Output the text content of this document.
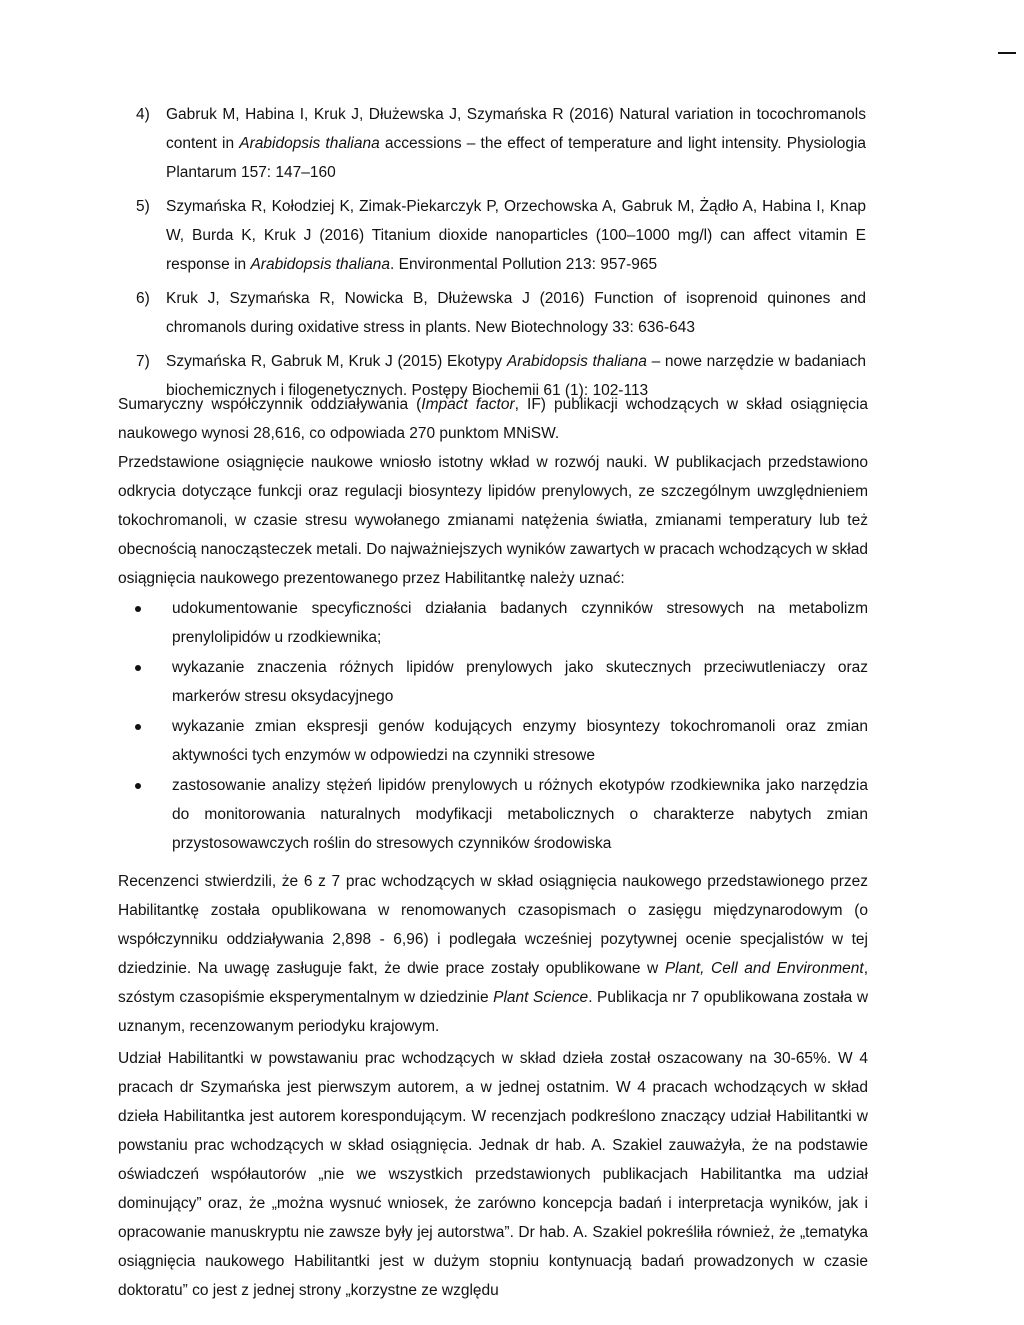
4) Gabruk M, Habina I, Kruk J, Dłużewska J, Szymańska R (2016) Natural variation in tocochromanols content in Arabidopsis thaliana accessions – the effect of temperature and light intensity. Physiologia Plantarum 157: 147–160
5) Szymańska R, Kołodziej K, Zimak-Piekarczyk P, Orzechowska A, Gabruk M, Żądło A, Habina I, Knap W, Burda K, Kruk J (2016) Titanium dioxide nanoparticles (100–1000 mg/l) can affect vitamin E response in Arabidopsis thaliana. Environmental Pollution 213: 957-965
6) Kruk J, Szymańska R, Nowicka B, Dłużewska J (2016) Function of isoprenoid quinones and chromanols during oxidative stress in plants. New Biotechnology 33: 636-643
7) Szymańska R, Gabruk M, Kruk J (2015) Ekotypy Arabidopsis thaliana – nowe narzędzie w badaniach biochemicznych i filogenetycznych. Postępy Biochemii 61 (1): 102-113
Sumaryczny współczynnik oddziaływania (Impact factor, IF) publikacji wchodzących w skład osiągnięcia naukowego wynosi 28,616, co odpowiada 270 punktom MNiSW.
Przedstawione osiągnięcie naukowe wniosło istotny wkład w rozwój nauki. W publikacjach przedstawiono odkrycia dotyczące funkcji oraz regulacji biosyntezy lipidów prenylowych, ze szczególnym uwzględnieniem tokochromanoli, w czasie stresu wywołanego zmianami natężenia światła, zmianami temperatury lub też obecnością nanocząsteczek metali. Do najważniejszych wyników zawartych w pracach wchodzących w skład osiągnięcia naukowego prezentowanego przez Habilitantkę należy uznać:
udokumentowanie specyficzności działania badanych czynników stresowych na metabolizm prenylolipidów u rzodkiewnika;
wykazanie znaczenia różnych lipidów prenylowych jako skutecznych przeciwutleniaczy oraz markerów stresu oksydacyjnego
wykazanie zmian ekspresji genów kodujących enzymy biosyntezy tokochromanoli oraz zmian aktywności tych enzymów w odpowiedzi na czynniki stresowe
zastosowanie analizy stężeń lipidów prenylowych u różnych ekotypów rzodkiewnika jako narzędzia do monitorowania naturalnych modyfikacji metabolicznych o charakterze nabytych zmian przystosowawczych roślin do stresowych czynników środowiska

Recenzenci stwierdzili, że 6 z 7 prac wchodzących w skład osiągnięcia naukowego przedstawionego przez Habilitantkę została opublikowana w renomowanych czasopismach o zasięgu międzynarodowym (o współczynniku oddziaływania 2,898 - 6,96) i podlegała wcześniej pozytywnej ocenie specjalistów w tej dziedzinie. Na uwagę zasługuje fakt, że dwie prace zostały opublikowane w Plant, Cell and Environment, szóstym czasopiśmie eksperymentalnym w dziedzinie Plant Science. Publikacja nr 7 opublikowana została w uznanym, recenzowanym periodyku krajowym.

Udział Habilitantki w powstawaniu prac wchodzących w skład dzieła został oszacowany na 30-65%. W 4 pracach dr Szymańska jest pierwszym autorem, a w jednej ostatnim. W 4 pracach wchodzących w skład dzieła Habilitantka jest autorem korespondującym. W recenzjach podkreślono znaczący udział Habilitantki w powstaniu prac wchodzących w skład osiągnięcia. Jednak dr hab. A. Szakiel zauważyła, że na podstawie oświadczeń współautorów „nie we wszystkich przedstawionych publikacjach Habilitantka ma udział dominujący” oraz, że „można wysnuć wniosek, że zarówno koncepcja badań i interpretacja wyników, jak i opracowanie manuskryptu nie zawsze były jej autorstwa”. Dr hab. A. Szakiel pokreśliła również, że „tematyka osiągnięcia naukowego Habilitantki jest w dużym stopniu kontynuacją badań prowadzonych w czasie doktoratu” co jest z jednej strony „korzystne ze względu
